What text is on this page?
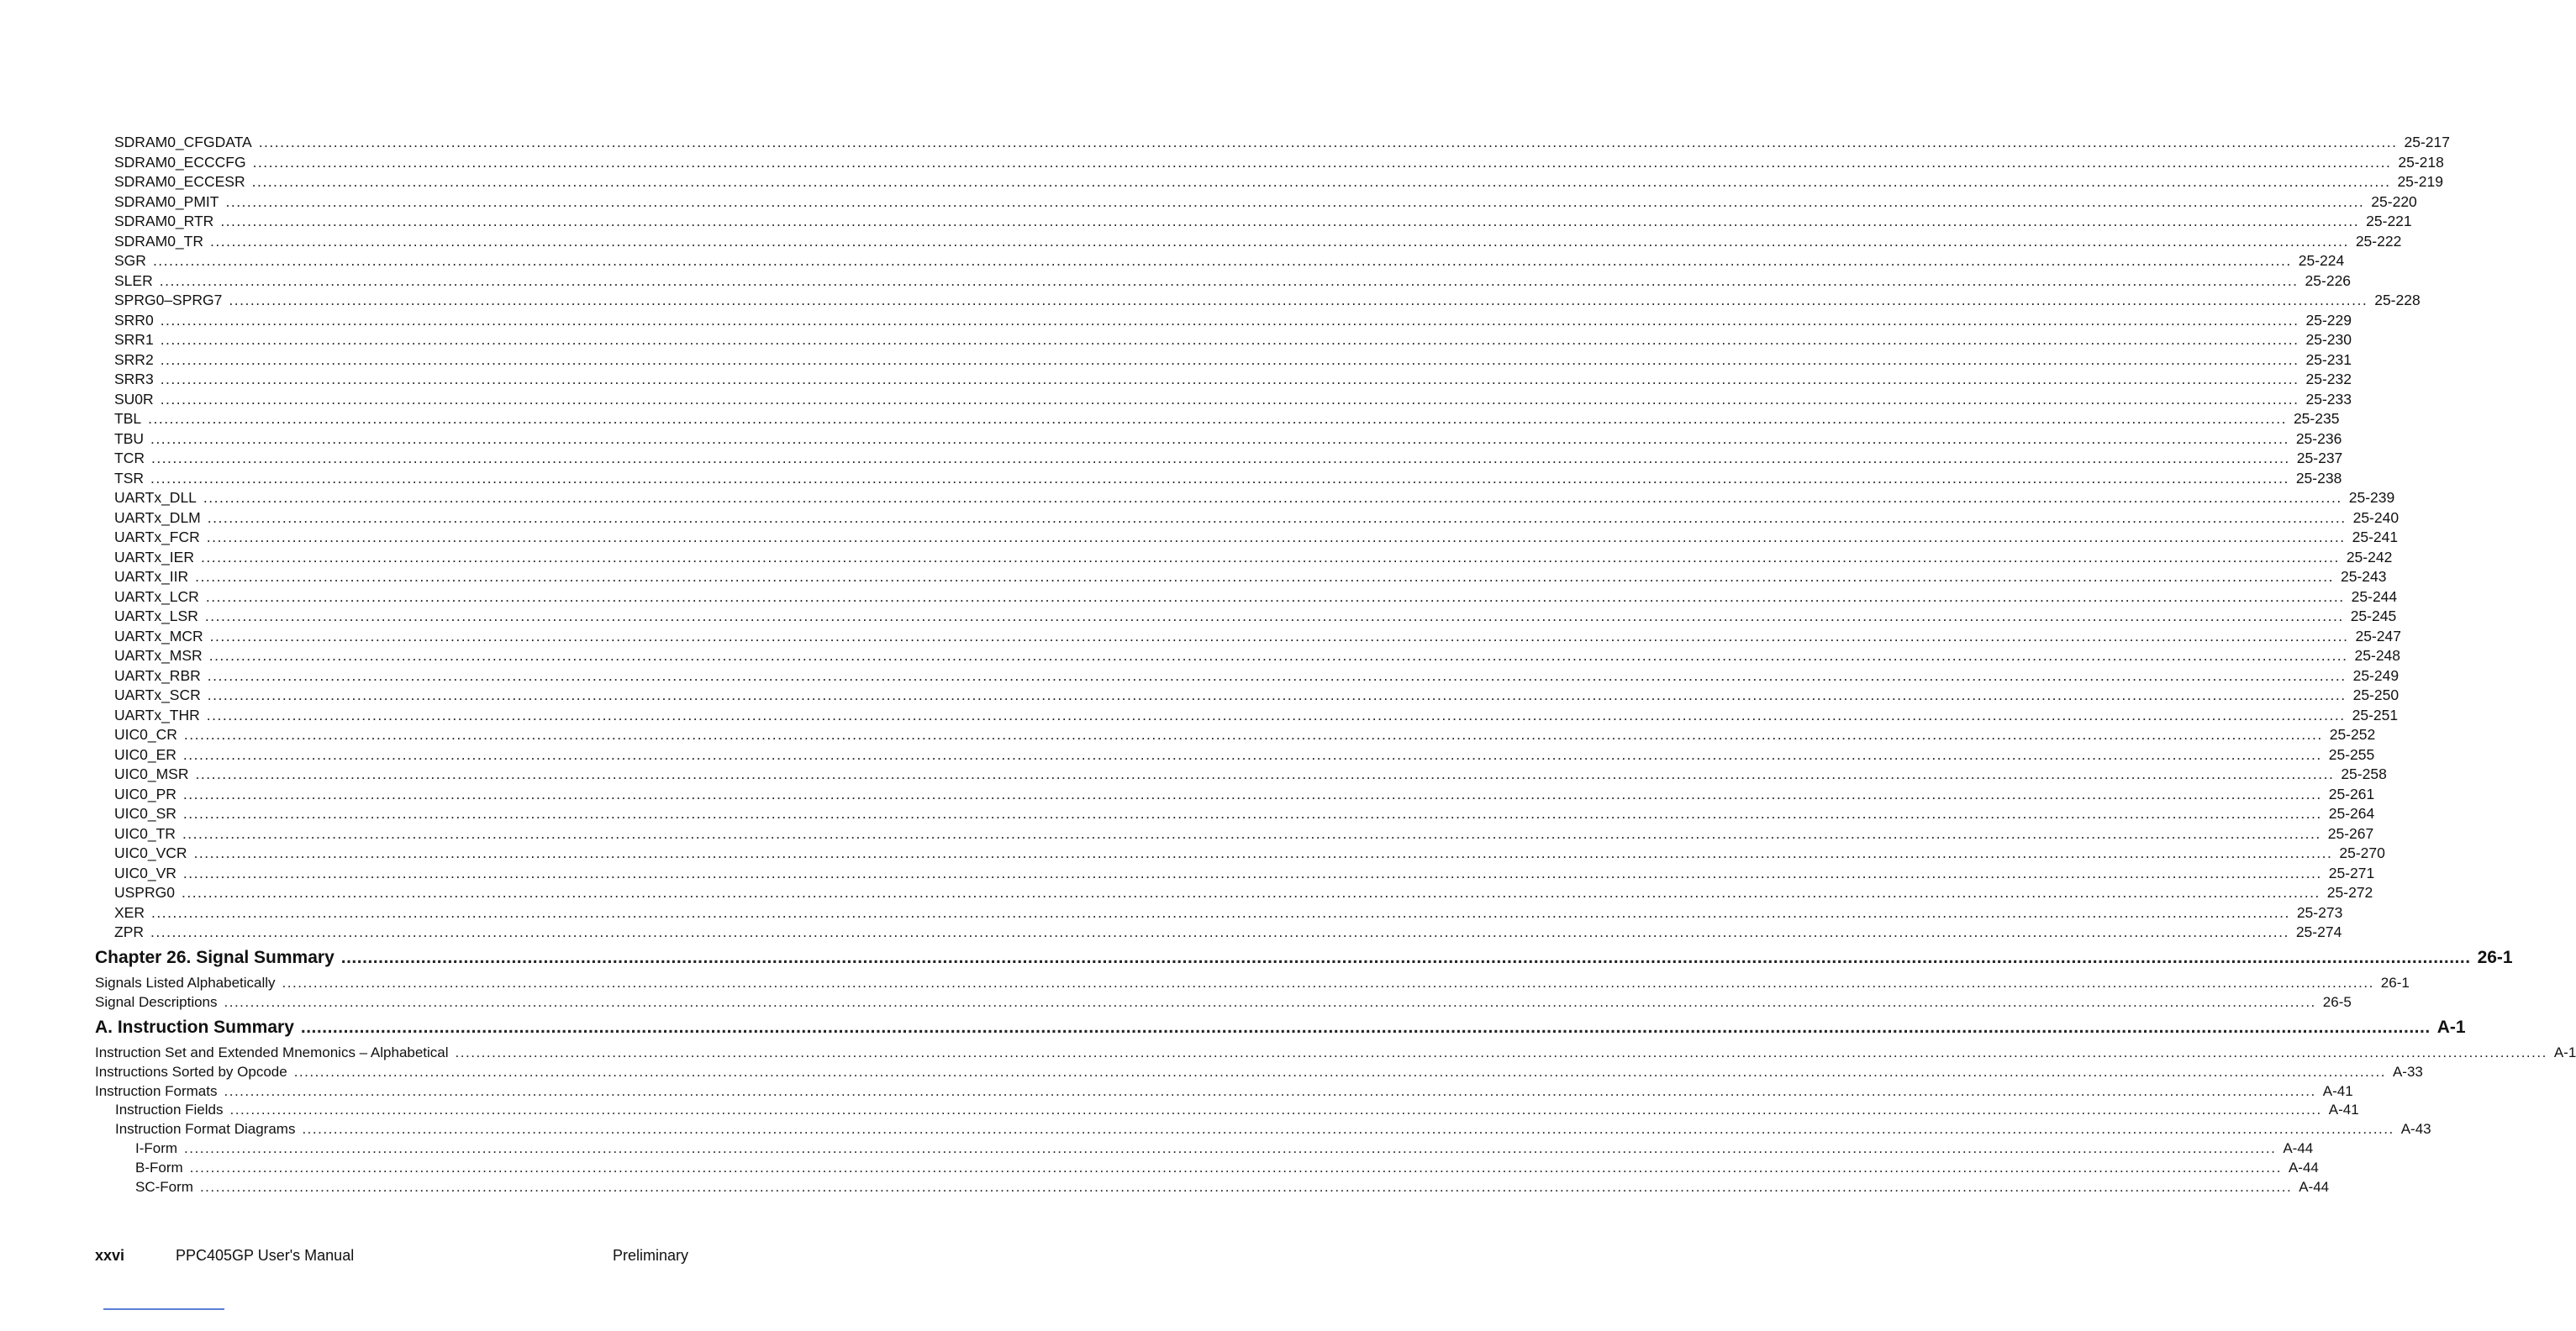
SDRAM0_CFGDATA ................................................................................................................................................................................................................................................................................................................................................................................................................ 25-217
SDRAM0_ECCCFG ................................................................................................................................................................................................................................................................................................................................................................................................................ 25-218
SDRAM0_ECCESR ................................................................................................................................................................................................................................................................................................................................................................................................................ 25-219
SDRAM0_PMIT ................................................................................................................................................................................................................................................................................................................................................................................................................ 25-220
SDRAM0_RTR ................................................................................................................................................................................................................................................................................................................................................................................................................ 25-221
SDRAM0_TR ................................................................................................................................................................................................................................................................................................................................................................................................................ 25-222
SGR ................................................................................................................................................................................................................................................................................................................................................................................................................ 25-224
SLER ................................................................................................................................................................................................................................................................................................................................................................................................................ 25-226
SPRG0–SPRG7 ................................................................................................................................................................................................................................................................................................................................................................................................................ 25-228
SRR0 ................................................................................................................................................................................................................................................................................................................................................................................................................ 25-229
SRR1 ................................................................................................................................................................................................................................................................................................................................................................................................................ 25-230
SRR2 ................................................................................................................................................................................................................................................................................................................................................................................................................ 25-231
SRR3 ................................................................................................................................................................................................................................................................................................................................................................................................................ 25-232
SU0R ................................................................................................................................................................................................................................................................................................................................................................................................................ 25-233
TBL ................................................................................................................................................................................................................................................................................................................................................................................................................ 25-235
TBU ................................................................................................................................................................................................................................................................................................................................................................................................................ 25-236
TCR ................................................................................................................................................................................................................................................................................................................................................................................................................ 25-237
TSR ................................................................................................................................................................................................................................................................................................................................................................................................................ 25-238
UARTx_DLL ................................................................................................................................................................................................................................................................................................................................................................................................................ 25-239
UARTx_DLM ................................................................................................................................................................................................................................................................................................................................................................................................................ 25-240
UARTx_FCR ................................................................................................................................................................................................................................................................................................................................................................................................................ 25-241
UARTx_IER ................................................................................................................................................................................................................................................................................................................................................................................................................ 25-242
UARTx_IIR ................................................................................................................................................................................................................................................................................................................................................................................................................ 25-243
UARTx_LCR ................................................................................................................................................................................................................................................................................................................................................................................................................ 25-244
UARTx_LSR ................................................................................................................................................................................................................................................................................................................................................................................................................ 25-245
UARTx_MCR ................................................................................................................................................................................................................................................................................................................................................................................................................ 25-247
UARTx_MSR ................................................................................................................................................................................................................................................................................................................................................................................................................ 25-248
UARTx_RBR ................................................................................................................................................................................................................................................................................................................................................................................................................ 25-249
UARTx_SCR ................................................................................................................................................................................................................................................................................................................................................................................................................ 25-250
UARTx_THR ................................................................................................................................................................................................................................................................................................................................................................................................................ 25-251
UIC0_CR ................................................................................................................................................................................................................................................................................................................................................................................................................ 25-252
UIC0_ER ................................................................................................................................................................................................................................................................................................................................................................................................................ 25-255
UIC0_MSR ................................................................................................................................................................................................................................................................................................................................................................................................................ 25-258
UIC0_PR ................................................................................................................................................................................................................................................................................................................................................................................................................ 25-261
UIC0_SR ................................................................................................................................................................................................................................................................................................................................................................................................................ 25-264
UIC0_TR ................................................................................................................................................................................................................................................................................................................................................................................................................ 25-267
UIC0_VCR ................................................................................................................................................................................................................................................................................................................................................................................................................ 25-270
UIC0_VR ................................................................................................................................................................................................................................................................................................................................................................................................................ 25-271
USPRG0 ................................................................................................................................................................................................................................................................................................................................................................................................................ 25-272
XER ................................................................................................................................................................................................................................................................................................................................................................................................................ 25-273
ZPR ................................................................................................................................................................................................................................................................................................................................................................................................................ 25-274
Chapter 26. Signal Summary ................................................................................................................................................................................................................................................................................................................................................................................................................ 26-1
Signals Listed Alphabetically ................................................................................................................................................................................................................................................................................................................................................................................................................ 26-1
Signal Descriptions ................................................................................................................................................................................................................................................................................................................................................................................................................ 26-5
A. Instruction Summary ................................................................................................................................................................................................................................................................................................................................................................................................................ A-1
Instruction Set and Extended Mnemonics – Alphabetical ................................................................................................................................................................................................................................................................................................................................................................................................................ A-1
Instructions Sorted by Opcode ................................................................................................................................................................................................................................................................................................................................................................................................................ A-33
Instruction Formats ................................................................................................................................................................................................................................................................................................................................................................................................................ A-41
Instruction Fields ................................................................................................................................................................................................................................................................................................................................................................................................................ A-41
Instruction Format Diagrams ................................................................................................................................................................................................................................................................................................................................................................................................................ A-43
I-Form ................................................................................................................................................................................................................................................................................................................................................................................................................ A-44
B-Form ................................................................................................................................................................................................................................................................................................................................................................................................................ A-44
SC-Form ................................................................................................................................................................................................................................................................................................................................................................................................................ A-44
xxvi	PPC405GP User's Manual	Preliminary
